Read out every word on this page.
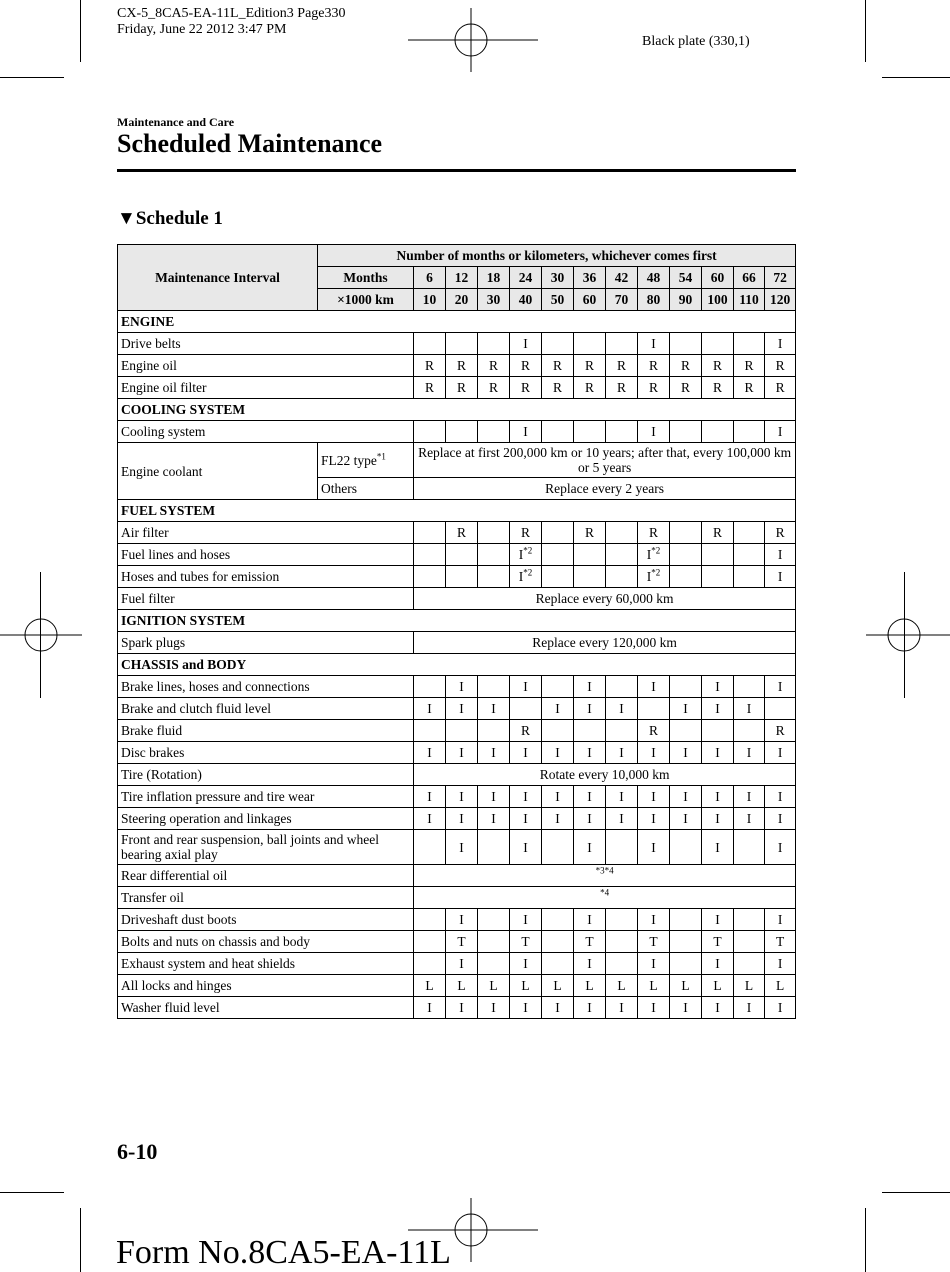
CX-5_8CA5-EA-11L_Edition3 Page330
Friday, June 22 2012 3:47 PM
Black plate (330,1)
Maintenance and Care
Scheduled Maintenance
▼Schedule 1
Maintenance Interval	Number of months or kilometers, whichever comes first												
	Months	6	12	18	24	30	36	42	48	54	60	66	72
	×1000 km	10	20	30	40	50	60	70	80	90	100	110	120
ENGINE													
Drive belts					I				I				I
Engine oil		R	R	R	R	R	R	R	R	R	R	R	R
Engine oil filter		R	R	R	R	R	R	R	R	R	R	R	R
COOLING SYSTEM													
Cooling system					I				I				I
Engine coolant	FL22 type$^{*1}$	Replace at first 200,000 km or 10 years; after that, every 100,000 km or 5 years											
	Others	Replace every 2 years											
FUEL SYSTEM													
Air filter			R		R		R		R		R		R
Fuel lines and hoses					$I^{*2}$				$I^{*2}$				I
Hoses and tubes for emission					$I^{*2}$				$I^{*2}$				I
Fuel filter		Replace every 60,000 km											
IGNITION SYSTEM													
Spark plugs		Replace every 120,000 km											
CHASSIS and BODY													
Brake lines, hoses and connections			I		I		I		I		I		I
Brake and clutch fluid level		I	I	I		I	I	I		I	I	I	
Brake fluid					R				R				R
Disc brakes		I	I	I	I	I	I	I	I	I	I	I	I
Tire (Rotation)		Rotate every 10,000 km											
Tire inflation pressure and tire wear		I	I	I	I	I	I	I	I	I	I	I	I
Steering operation and linkages		I	I	I	I	I	I	I	I	I	I	I	I
Front and rear suspension, ball joints and wheel bearing axial play			I		I		I		I		I		I
Rear differential oil		$^{*3*4}$
Transfer oil		$^{*4}$
Driveshaft dust boots			I		I		I		I		I		I
Bolts and nuts on chassis and body			T		T		T		T		T		T
Exhaust system and heat shields			I		I		I		I		I		I
All locks and hinges		L	L	L	L	L	L	L	L	L	L	L	L
Washer fluid level		I	I	I	I	I	I	I	I	I	I	I	I
6-10
Form No.8CA5-EA-11L
